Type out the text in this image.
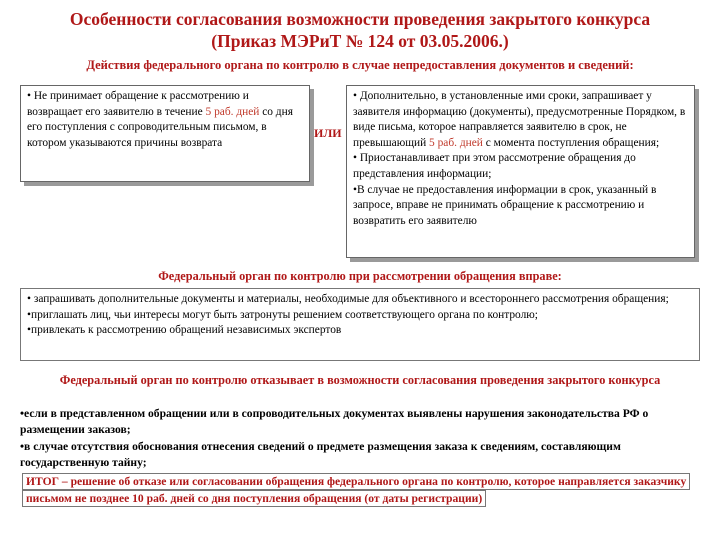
Особенности согласования возможности проведения закрытого конкурса (Приказ МЭРиТ № 124 от 03.05.2006.)
Действия федерального органа по контролю в случае непредоставления документов и сведений:
• Не принимает обращение к рассмотрению и возвращает его заявителю в течение 5 раб. дней со дня его поступления с сопроводительным письмом, в котором указываются причины возврата
ИЛИ

• Дополнительно, в установленные ими сроки, запрашивает у заявителя информацию (документы), предусмотренные Порядком, в виде письма, которое направляется заявителю в срок, не превышающий 5 раб. дней с момента поступления обращения;

• Приостанавливает при этом рассмотрение обращения до представления информации;

•В случае не предоставления информации в срок, указанный в запросе, вправе не принимать обращение к рассмотрению и возвратить его заявителю

Федеральный орган по контролю при рассмотрении обращения вправе:

• запрашивать дополнительные документы и материалы, необходимые для объективного и всестороннего рассмотрения обращения;

•приглашать лиц, чьи интересы могут быть затронуты решением соответствующего органа по контролю;

•привлекать к рассмотрению обращений независимых экспертов

Федеральный орган по контролю отказывает в возможности согласования проведения закрытого конкурса
•если в представленном обращении или в сопроводительных документах выявлены нарушения законодательства РФ о размещении заказов;
•в случае отсутствия обоснования отнесения сведений о предмете размещения заказа к сведениям, составляющим государственную тайну;
ИТОГ – решение об отказе или согласовании обращения федерального органа по контролю, которое направляется заказчику письмом не позднее 10 раб. дней со дня поступления обращения (от даты регистрации)
